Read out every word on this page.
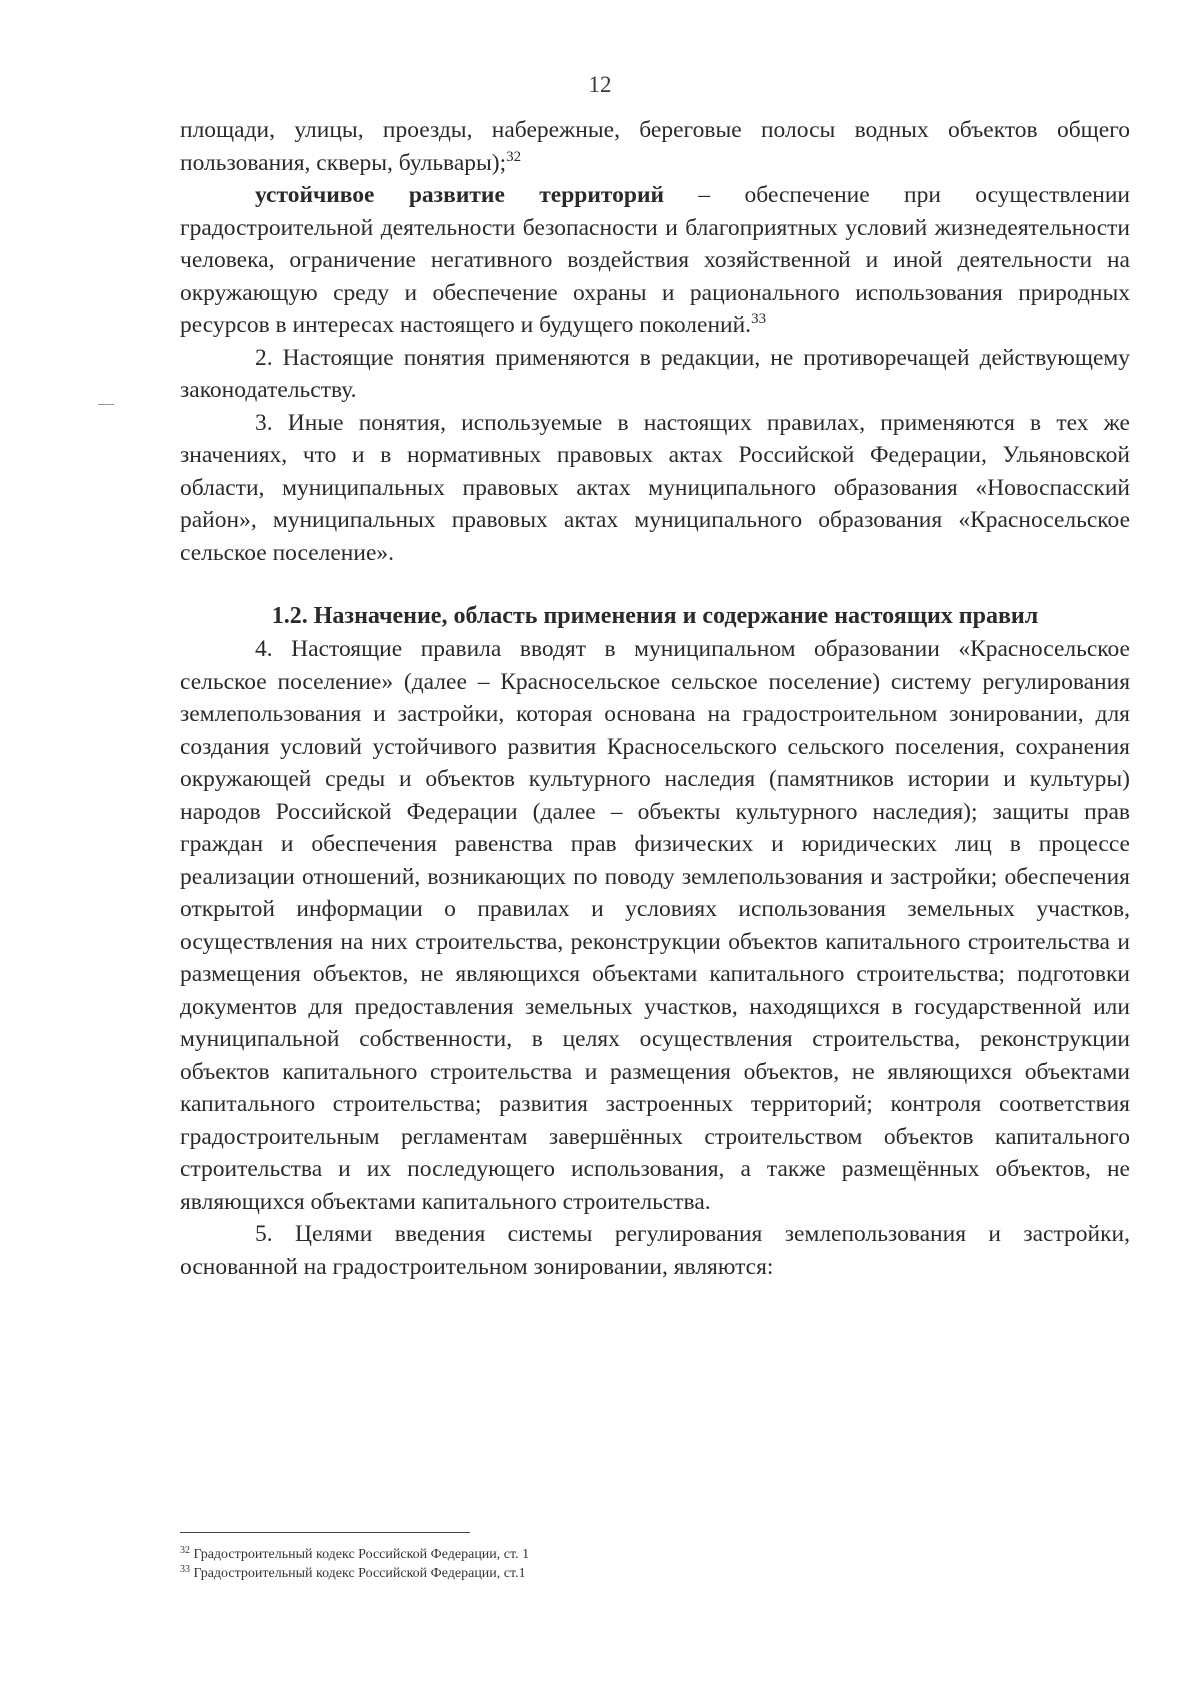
12

площади, улицы, проезды, набережные, береговые полосы водных объектов общего пользования, скверы, бульвары);$^{32}$

устойчивое развитие территорий – обеспечение при осуществлении градостроительной деятельности безопасности и благоприятных условий жизнедеятельности человека, ограничение негативного воздействия хозяйственной и иной деятельности на окружающую среду и обеспечение охраны и рационального использования природных ресурсов в интересах настоящего и будущего поколений.$^{33}$

2. Настоящие понятия применяются в редакции, не противоречащей действующему законодательству.

3. Иные понятия, используемые в настоящих правилах, применяются в тех же значениях, что и в нормативных правовых актах Российской Федерации, Ульяновской области, муниципальных правовых актах муниципального образования «Новоспасский район», муниципальных правовых актах муниципального образования «Красносельское сельское поселение».

1.2. Назначение, область применения и содержание настоящих правил

4. Настоящие правила вводят в муниципальном образовании «Красносельское сельское поселение» (далее – Красносельское сельское поселение) систему регулирования землепользования и застройки, которая основана на градостроительном зонировании, для создания условий устойчивого развития Красносельского сельского поселения, сохранения окружающей среды и объектов культурного наследия (памятников истории и культуры) народов Российской Федерации (далее – объекты культурного наследия); защиты прав граждан и обеспечения равенства прав физических и юридических лиц в процессе реализации отношений, возникающих по поводу землепользования и застройки; обеспечения открытой информации о правилах и условиях использования земельных участков, осуществления на них строительства, реконструкции объектов капитального строительства и размещения объектов, не являющихся объектами капитального строительства; подготовки документов для предоставления земельных участков, находящихся в государственной или муниципальной собственности, в целях осуществления строительства, реконструкции объектов капитального строительства и размещения объектов, не являющихся объектами капитального строительства; развития застроенных территорий; контроля соответствия градостроительным регламентам завершённых строительством объектов капитального строительства и их последующего использования, а также размещённых объектов, не являющихся объектами капитального строительства.

5. Целями введения системы регулирования землепользования и застройки, основанной на градостроительном зонировании, являются:

$^{32}$ Градостроительный кодекс Российской Федерации, ст. 1

$^{33}$ Градостроительный кодекс Российской Федерации, ст.1
